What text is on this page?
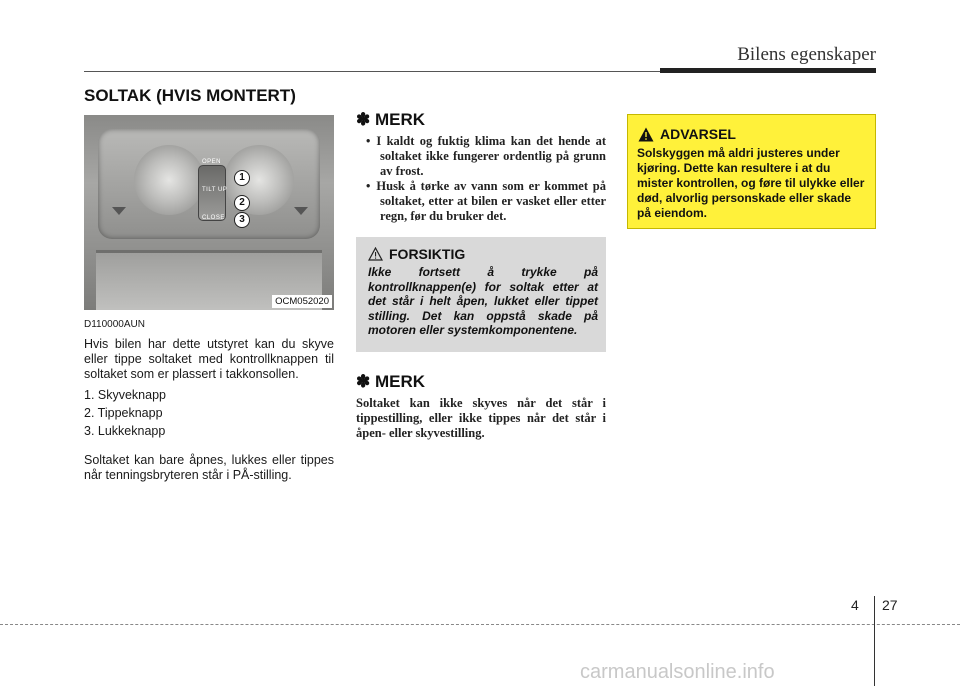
Bilens egenskaper
SOLTAK (HVIS MONTERT)
OPEN
TILT UP
CLOSE
1
2
3
OCM052020
D110000AUN

Hvis bilen har dette utstyret kan du skyve eller tippe soltaket med kontrollknappen til soltaket som er plassert i takkonsollen.

1. Skyveknapp
2. Tippeknapp
3. Lukkeknapp

Soltaket kan bare åpnes, lukkes eller tippes når tenningsbryteren står i PÅ-stilling.

✽ MERK
• I kaldt og fuktig klima kan det hende at soltaket ikke fungerer ordentlig på grunn av frost.
• Husk å tørke av vann som er kommet på soltaket, etter at bilen er vasket eller etter regn, før du bruker det.
FORSIKTIG
Ikke fortsett å trykke på kontrollknappen(e) for soltak etter at det står i helt åpen, lukket eller tippet stilling. Det kan oppstå skade på motoren eller systemkomponentene.
✽ MERK
Soltaket kan ikke skyves når det står i tippestilling, eller ikke tippes når det står i åpen- eller skyvestilling.
ADVARSEL
Solskyggen må aldri justeres under kjøring. Dette kan resultere i at du mister kontrollen, og føre til ulykke eller død, alvorlig personskade eller skade på eiendom.
4 27
carmanualsonline.info
